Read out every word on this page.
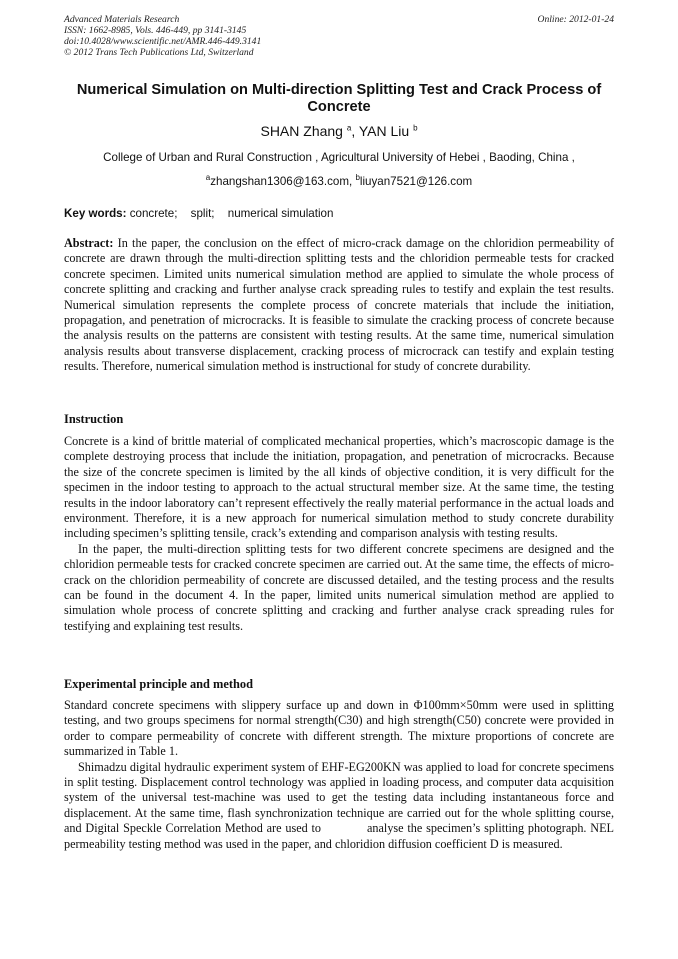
Advanced Materials Research
ISSN: 1662-8985, Vols. 446-449, pp 3141-3145
doi:10.4028/www.scientific.net/AMR.446-449.3141
© 2012 Trans Tech Publications Ltd, Switzerland
Online: 2012-01-24
Numerical Simulation on Multi-direction Splitting Test and Crack Process of Concrete
SHAN Zhang $^a$, YAN Liu $^b$
College of Urban and Rural Construction , Agricultural University of Hebei , Baoding, China ,
$^a$zhangshan1306@163.com, $^b$liuyan7521@126.com
Key words: concrete; split; numerical simulation

Abstract: In the paper, the conclusion on the effect of micro-crack damage on the chloridion permeability of concrete are drawn through the multi-direction splitting tests and the chloridion permeable tests for cracked concrete specimen. Limited units numerical simulation method are applied to simulate the whole process of concrete splitting and cracking and further analyse crack spreading rules to testify and explain the test results. Numerical simulation represents the complete process of concrete materials that include the initiation, propagation, and penetration of microcracks. It is feasible to simulate the cracking process of concrete because the analysis results on the patterns are consistent with testing results. At the same time, numerical simulation analysis results about transverse displacement, cracking process of microcrack can testify and explain testing results. Therefore, numerical simulation method is instructional for study of concrete durability.

Instruction

Concrete is a kind of brittle material of complicated mechanical properties, which’s macroscopic damage is the complete destroying process that include the initiation, propagation, and penetration of microcracks. Because the size of the concrete specimen is limited by the all kinds of objective condition, it is very difficult for the specimen in the indoor testing to approach to the actual structural member size. At the same time, the testing results in the indoor laboratory can’t represent effectively the really material performance in the actual loads and environment. Therefore, it is a new approach for numerical simulation method to study concrete durability including specimen’s splitting tensile, crack’s extending and comparison analysis with testing results.

In the paper, the multi-direction splitting tests for two different concrete specimens are designed and the chloridion permeable tests for cracked concrete specimen are carried out. At the same time, the effects of micro-crack on the chloridion permeability of concrete are discussed detailed, and the testing process and the results can be found in the document 4. In the paper, limited units numerical simulation method are applied to simulation whole process of concrete splitting and cracking and further analyse crack spreading rules for testifying and explaining test results.

Experimental principle and method

Standard concrete specimens with slippery surface up and down in Φ100mm×50mm were used in splitting testing, and two groups specimens for normal strength(C30) and high strength(C50) concrete were provided in order to compare permeability of concrete with different strength. The mixture proportions of concrete are summarized in Table 1.

Shimadzu digital hydraulic experiment system of EHF-EG200KN was applied to load for concrete specimens in split testing. Displacement control technology was applied in loading process, and computer data acquisition system of the universal test-machine was used to get the testing data including instantaneous force and displacement. At the same time, flash synchronization technique are carried out for the whole splitting course, and Digital Speckle Correlation Method are used to	analyse the specimen’s splitting photograph. NEL permeability testing method was used in the paper, and chloridion diffusion coefficient D is measured.
